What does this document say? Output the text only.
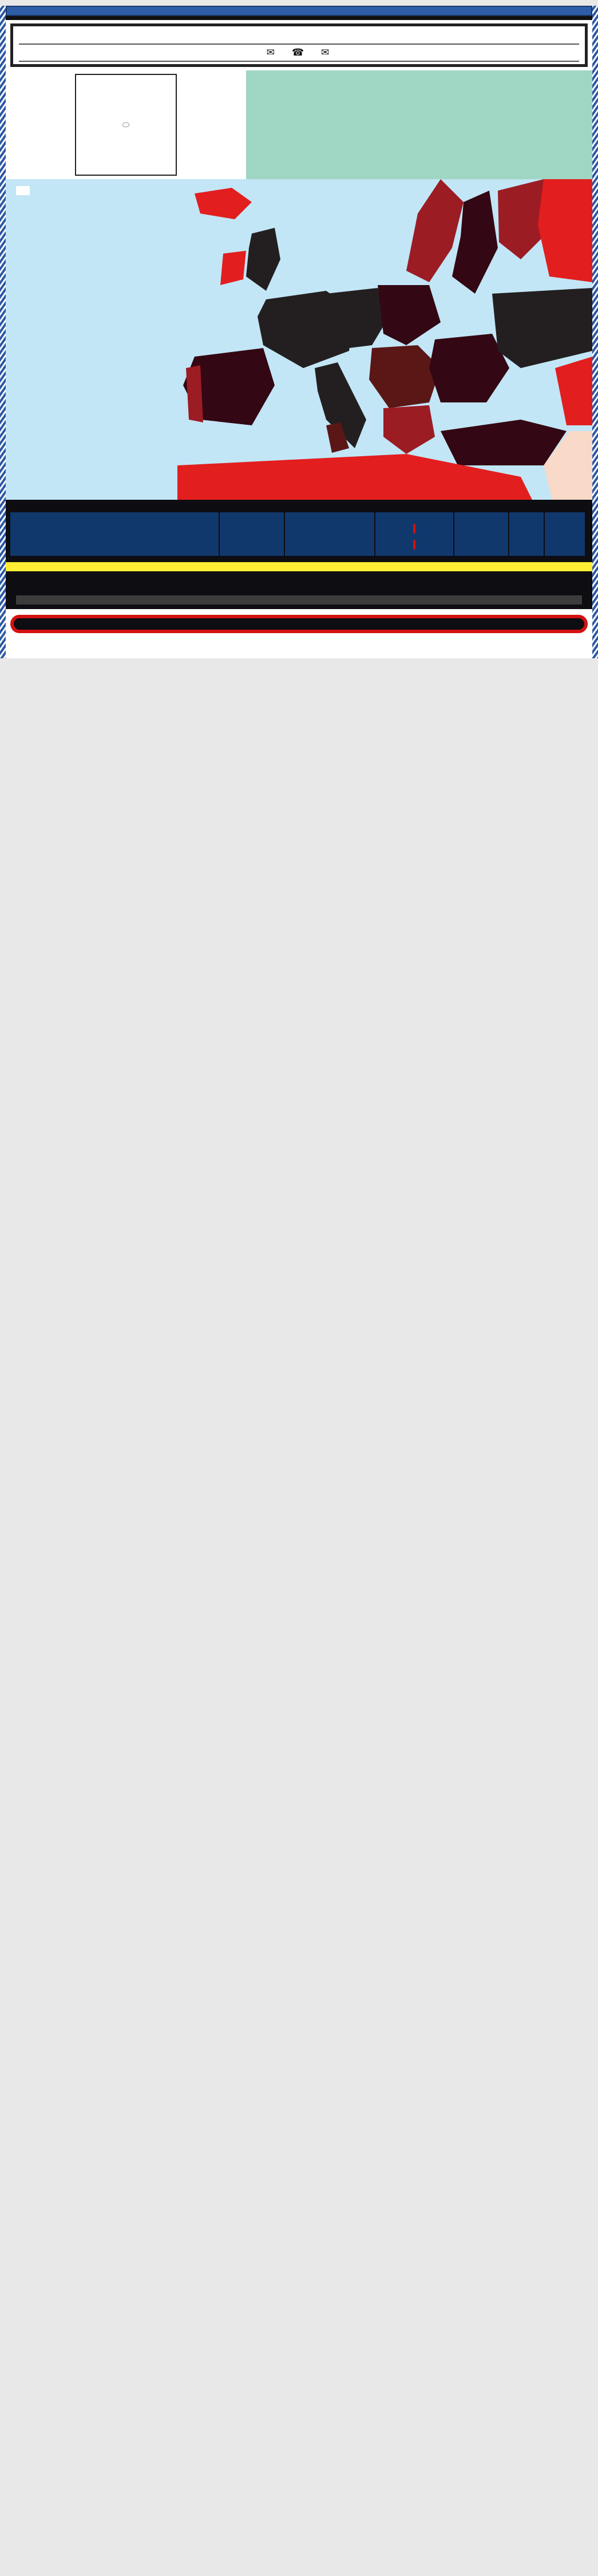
✉ ☎ ✉
